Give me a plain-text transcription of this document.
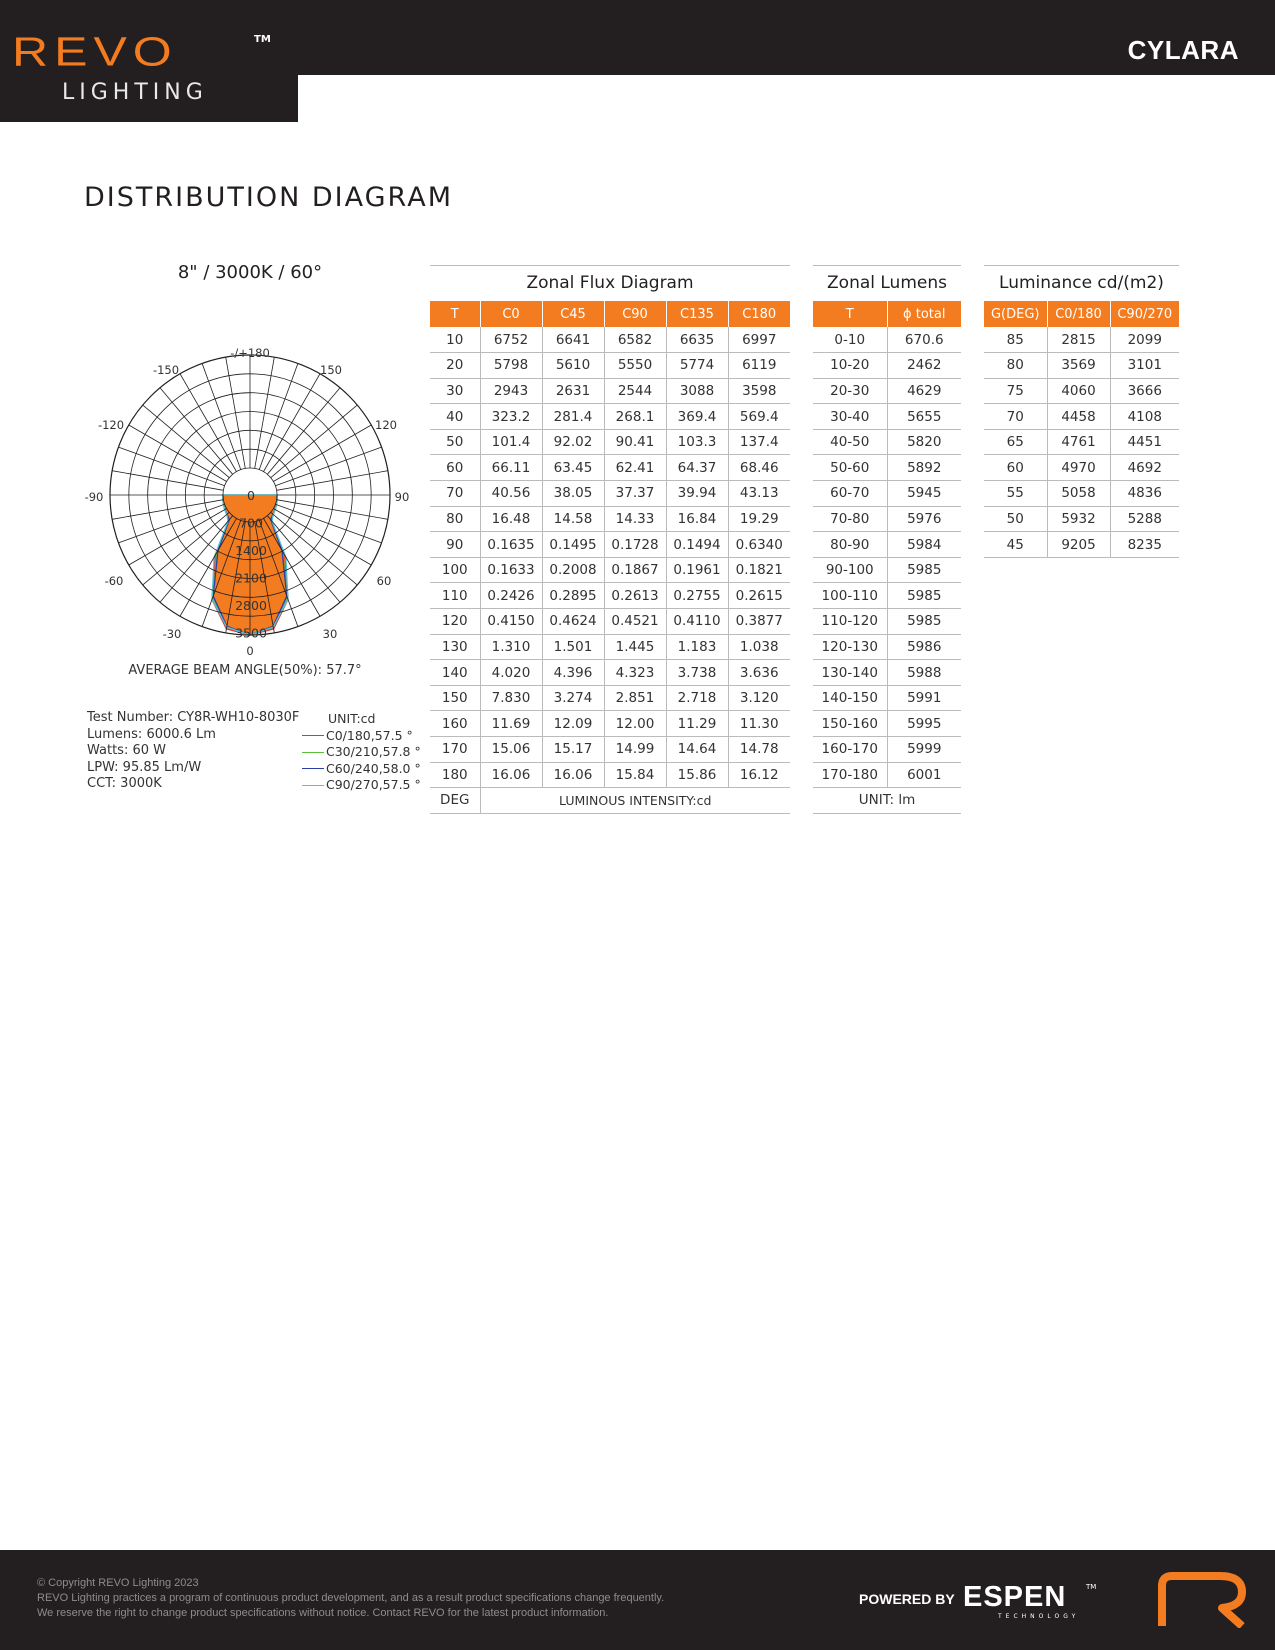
REVO	TM
LIGHTING
CYLARA
DISTRIBUTION DIAGRAM
8" / 3000K / 60°
-/+180
-150	150
-120	120
-90	90
-60	60
-30	30
0
0
700
1400
2100
2800
3500
AVERAGE BEAM ANGLE(50%): 57.7°
Test Number: CY8R-WH10-8030F
Lumens: 6000.6 Lm
Watts: 60 W
LPW: 95.85 Lm/W
CCT: 3000K
UNIT:cd
C0/180,57.5 °
C30/210,57.8 °
C60/240,58.0 °
C90/270,57.5 °
Zonal Flux Diagram
T	C0	C45	C90	C135	C180
10	6752	6641	6582	6635	6997
20	5798	5610	5550	5774	6119
30	2943	2631	2544	3088	3598
40	323.2	281.4	268.1	369.4	569.4
50	101.4	92.02	90.41	103.3	137.4
60	66.11	63.45	62.41	64.37	68.46
70	40.56	38.05	37.37	39.94	43.13
80	16.48	14.58	14.33	16.84	19.29
90	0.1635	0.1495	0.1728	0.1494	0.6340
100	0.1633	0.2008	0.1867	0.1961	0.1821
110	0.2426	0.2895	0.2613	0.2755	0.2615
120	0.4150	0.4624	0.4521	0.4110	0.3877
130	1.310	1.501	1.445	1.183	1.038
140	4.020	4.396	4.323	3.738	3.636
150	7.830	3.274	2.851	2.718	3.120
160	11.69	12.09	12.00	11.29	11.30
170	15.06	15.17	14.99	14.64	14.78
180	16.06	16.06	15.84	15.86	16.12
DEG	LUMINOUS INTENSITY:cd				
Zonal Lumens
T	ϕ total
0-10	670.6
10-20	2462
20-30	4629
30-40	5655
40-50	5820
50-60	5892
60-70	5945
70-80	5976
80-90	5984
90-100	5985
100-110	5985
110-120	5985
120-130	5986
130-140	5988
140-150	5991
150-160	5995
160-170	5999
170-180	6001
UNIT: lm	
Luminance cd/(m2)
G(DEG)	C0/180	C90/270
85	2815	2099
80	3569	3101
75	4060	3666
70	4458	4108
65	4761	4451
60	4970	4692
55	5058	4836
50	5932	5288
45	9205	8235
© Copyright REVO Lighting 2023
REVO Lighting practices a program of continuous product development, and as a result product specifications change frequently.
We reserve the right to change product specifications without notice. Contact REVO for the latest product information.
POWERED BY ESPEN	TM
TECHNOLOGY
